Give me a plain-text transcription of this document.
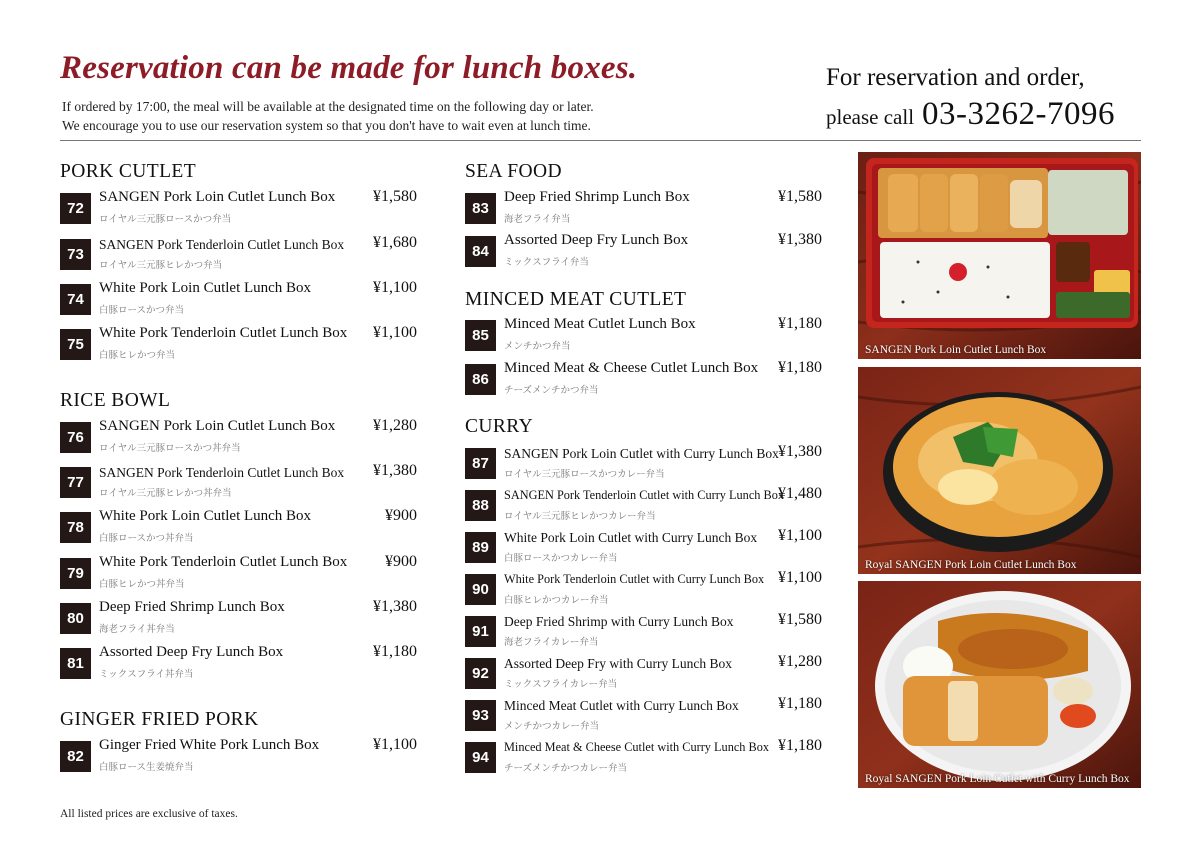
Reservation can be made for lunch boxes.
If ordered by 17:00, the meal will be available at the designated time on the following day or later.
We encourage you to use our reservation system so that you don't have to wait even at lunch time.
For reservation and order,
please call 03-3262-7096
PORK CUTLET
72
SANGEN Pork Loin Cutlet Lunch Box
ロイヤル三元豚ロースかつ弁当
¥1,580
73
SANGEN Pork Tenderloin Cutlet Lunch Box
ロイヤル三元豚ヒレかつ弁当
¥1,680
74
White Pork Loin Cutlet Lunch Box
白豚ロースかつ弁当
¥1,100
75
White Pork Tenderloin Cutlet Lunch Box
白豚ヒレかつ弁当
¥1,100
RICE BOWL
76
SANGEN Pork Loin Cutlet Lunch Box
ロイヤル三元豚ロースかつ丼弁当
¥1,280
77
SANGEN Pork Tenderloin Cutlet Lunch Box
ロイヤル三元豚ヒレかつ丼弁当
¥1,380
78
White Pork Loin Cutlet Lunch Box
白豚ロースかつ丼弁当
¥900
79
White Pork Tenderloin Cutlet Lunch Box
白豚ヒレかつ丼弁当
¥900
80
Deep Fried Shrimp Lunch Box
海老フライ丼弁当
¥1,380
81
Assorted Deep Fry Lunch Box
ミックスフライ丼弁当
¥1,180
GINGER FRIED PORK
82
Ginger Fried White Pork Lunch Box
白豚ロース生姜焼弁当
¥1,100
SEA FOOD
83
Deep Fried Shrimp Lunch Box
海老フライ弁当
¥1,580
84
Assorted Deep Fry Lunch Box
ミックスフライ弁当
¥1,380
MINCED MEAT CUTLET
85
Minced Meat Cutlet Lunch Box
メンチかつ弁当
¥1,180
86
Minced Meat & Cheese Cutlet Lunch Box
チーズメンチかつ弁当
¥1,180
CURRY
87
SANGEN Pork Loin Cutlet with Curry Lunch Box
ロイヤル三元豚ロースかつカレー弁当
¥1,380
88
SANGEN Pork Tenderloin Cutlet with Curry Lunch Box
ロイヤル三元豚ヒレかつカレー弁当
¥1,480
89
White Pork Loin Cutlet with Curry Lunch Box
白豚ロースかつカレー弁当
¥1,100
90
White Pork Tenderloin Cutlet with Curry Lunch Box
白豚ヒレかつカレー弁当
¥1,100
91
Deep Fried Shrimp with Curry Lunch Box
海老フライカレー弁当
¥1,580
92
Assorted Deep Fry with Curry Lunch Box
ミックスフライカレー弁当
¥1,280
93
Minced Meat Cutlet with Curry Lunch Box
メンチかつカレー弁当
¥1,180
94
Minced Meat & Cheese Cutlet with Curry Lunch Box
チーズメンチかつカレー弁当
¥1,180
SANGEN Pork Loin Cutlet Lunch Box
Royal SANGEN Pork Loin Cutlet Lunch Box
Royal SANGEN Pork Loin Cutlet with Curry Lunch Box
All listed prices are exclusive of taxes.
